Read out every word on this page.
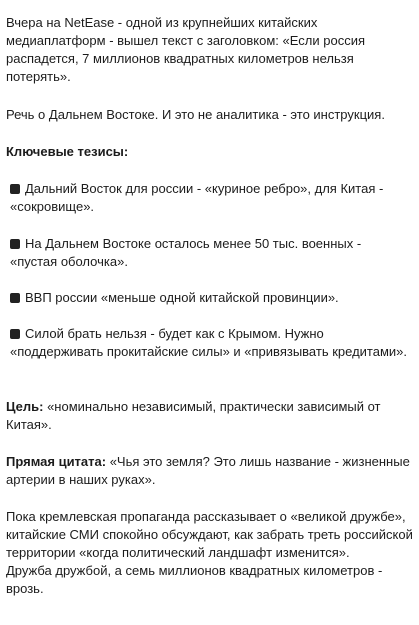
Вчера на NetEase - одной из крупнейших китайских медиаплатформ - вышел текст с заголовком: «Если россия распадется, 7 миллионов квадратных километров нельзя потерять».

Речь о Дальнем Востоке. И это не аналитика - это инструкция.

Ключевые тезисы:

Дальний Восток для россии - «куриное ребро», для Китая - «сокровище».

На Дальнем Востоке осталось менее 50 тыс. военных - «пустая оболочка».

ВВП россии «меньше одной китайской провинции».

Силой брать нельзя - будет как с Крымом. Нужно «поддерживать прокитайские силы» и «привязывать кредитами».

Цель: «номинально независимый, практически зависимый от Китая».

Прямая цитата: «Чья это земля? Это лишь название - жизненные артерии в наших руках».

Пока кремлевская пропаганда рассказывает о «великой дружбе», китайские СМИ спокойно обсуждают, как забрать треть российской территории «когда политический ландшафт изменится».
Дружба дружбой, а семь миллионов квадратных километров - врозь.
